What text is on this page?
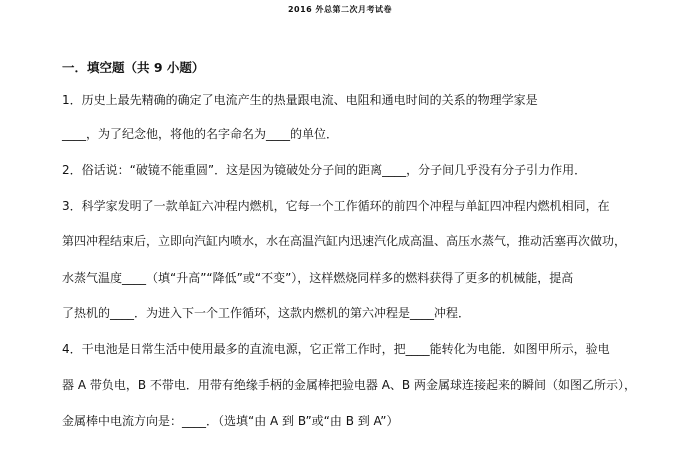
2016 外总第二次月考试卷
一．填空题（共 9 小题）
1．历史上最先精确的确定了电流产生的热量跟电流、电阻和通电时间的关系的物理学家是
____，为了纪念他，将他的名字命名为____的单位．
2．俗话说：“破镜不能重圆”．这是因为镜破处分子间的距离____，分子间几乎没有分子引力作用．
3．科学家发明了一款单缸六冲程内燃机，它每一个工作循环的前四个冲程与单缸四冲程内燃机相同，在
第四冲程结束后，立即向汽缸内喷水，水在高温汽缸内迅速汽化成高温、高压水蒸气，推动活塞再次做功，
水蒸气温度____（填“升高”“降低”或“不变”），这样燃烧同样多的燃料获得了更多的机械能，提高
了热机的____．为进入下一个工作循环，这款内燃机的第六冲程是____冲程．
4．干电池是日常生活中使用最多的直流电源，它正常工作时，把____能转化为电能．如图甲所示，验电
器 A 带负电，B 不带电．用带有绝缘手柄的金属棒把验电器 A、B 两金属球连接起来的瞬间（如图乙所示），
金属棒中电流方向是：____．（选填“由 A 到 B”或“由 B 到 A”）
